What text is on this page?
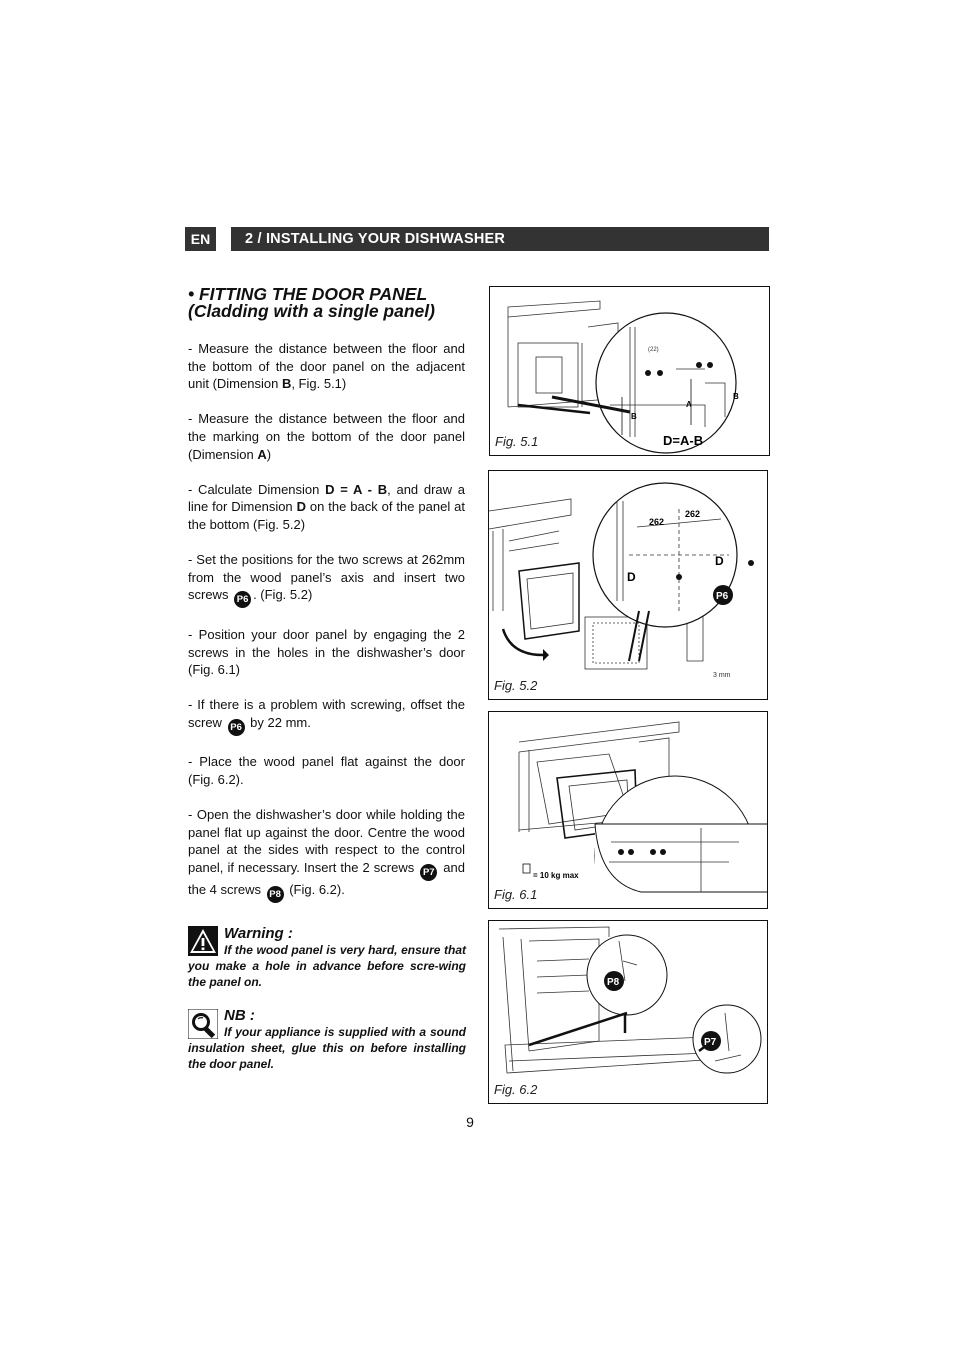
EN	2 / INSTALLING YOUR DISHWASHER
• FITTING THE DOOR PANEL
(Cladding with a single panel)

- Measure the distance between the floor and the bottom of the door panel on the adjacent unit (Dimension B, Fig. 5.1)

- Measure the distance between the floor and the marking on the bottom of the door panel (Dimension A)

- Calculate Dimension D = A - B, and draw a line for Dimension D on the back of the panel at the bottom (Fig. 5.2)

- Set the positions for the two screws at 262mm from the wood panel’s axis and insert two screws P6 . (Fig. 5.2)

- Position your door panel by engaging the 2 screws in the holes in the dishwasher’s door (Fig. 6.1)

- If there is a problem with screwing, offset the screw P6 by 22 mm.

- Place the wood panel flat against the door (Fig. 6.2).

- Open the dishwasher’s door while holding the panel flat up against the door. Centre the wood panel at the sides with respect to the control panel, if necessary. Insert the 2 screws P7 and the 4 screws P8 (Fig. 6.2).

Warning :
If the wood panel is very hard, ensure that you make a hole in advance before scre-wing the panel on.
NB :
If your appliance is supplied with a sound insulation sheet, glue this on before installing the door panel.
(22)
B
A
B
D=A-B
Fig. 5.1
262
262
D
D
P6
3 mm
Fig. 5.2
= 10 kg max
Fig. 6.1
P8
P7
Fig. 6.2
9
